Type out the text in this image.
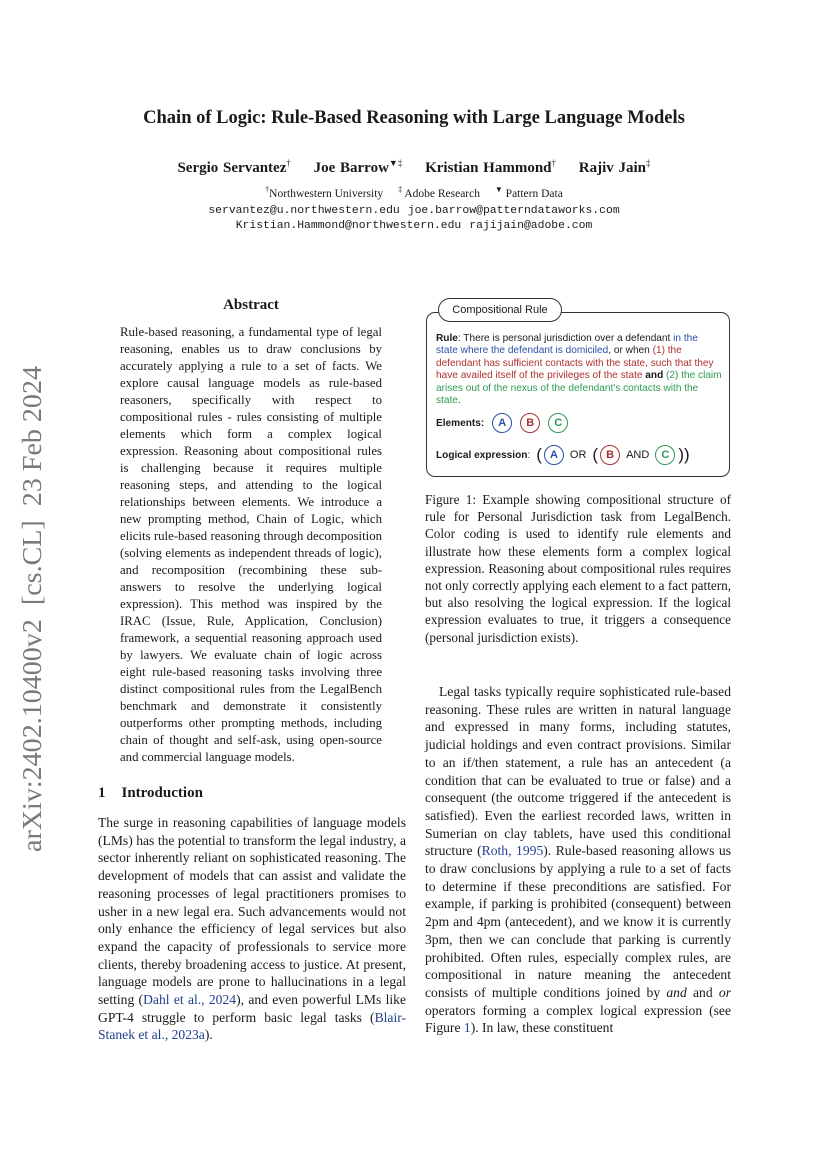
Chain of Logic: Rule-Based Reasoning with Large Language Models
Sergio Servantez† Joe Barrow▼‡ Kristian Hammond† Rajiv Jain‡
†Northwestern University ‡ Adobe Research ▼ Pattern Data
servantez@u.northwestern.edu joe.barrow@patterndataworks.com
Kristian.Hammond@northwestern.edu rajijain@adobe.com
arXiv:2402.10400v2  [cs.CL]  23 Feb 2024
Abstract
Rule-based reasoning, a fundamental type of legal reasoning, enables us to draw conclusions by accurately applying a rule to a set of facts. We explore causal language models as rule-based reasoners, specifically with respect to compositional rules - rules consisting of multiple elements which form a complex logical expression. Reasoning about compositional rules is challenging because it requires multiple reasoning steps, and attending to the logical relationships between elements. We introduce a new prompting method, Chain of Logic, which elicits rule-based reasoning through decomposition (solving elements as independent threads of logic), and recomposition (recombining these sub-answers to resolve the underlying logical expression). This method was inspired by the IRAC (Issue, Rule, Application, Conclusion) framework, a sequential reasoning approach used by lawyers. We evaluate chain of logic across eight rule-based reasoning tasks involving three distinct compositional rules from the LegalBench benchmark and demonstrate it consistently outperforms other prompting methods, including chain of thought and self-ask, using open-source and commercial language models.
1 Introduction

The surge in reasoning capabilities of language models (LMs) has the potential to transform the legal industry, a sector inherently reliant on sophisticated reasoning. The development of models that can assist and validate the reasoning processes of legal practitioners promises to usher in a new legal era. Such advancements would not only enhance the efficiency of legal services but also expand the capacity of professionals to service more clients, thereby broadening access to justice. At present, language models are prone to hallucinations in a legal setting (Dahl et al., 2024), and even powerful LMs like GPT-4 struggle to perform basic legal tasks (Blair-Stanek et al., 2023a).

Compositional Rule
Rule: There is personal jurisdiction over a defendant in the state where the defendant is domiciled, or when (1) the defendant has sufficient contacts with the state, such that they have availed itself of the privileges of the state and (2) the claim arises out of the nexus of the defendant's contacts with the state.
Elements:	A	B	C
Logical expression : ( A	OR ( B	AND	C ))
Figure 1: Example showing compositional structure of rule for Personal Jurisdiction task from LegalBench. Color coding is used to identify rule elements and illustrate how these elements form a complex logical expression. Reasoning about compositional rules requires not only correctly applying each element to a fact pattern, but also resolving the logical expression. If the logical expression evaluates to true, it triggers a consequence (personal jurisdiction exists).

Legal tasks typically require sophisticated rule-based reasoning. These rules are written in natural language and expressed in many forms, including statutes, judicial holdings and even contract provisions. Similar to an if/then statement, a rule has an antecedent (a condition that can be evaluated to true or false) and a consequent (the outcome triggered if the antecedent is satisfied). Even the earliest recorded laws, written in Sumerian on clay tablets, have used this conditional structure (Roth, 1995). Rule-based reasoning allows us to draw conclusions by applying a rule to a set of facts to determine if these preconditions are satisfied. For example, if parking is prohibited (consequent) between 2pm and 4pm (antecedent), and we know it is currently 3pm, then we can conclude that parking is currently prohibited. Often rules, especially complex rules, are compositional in nature meaning the antecedent consists of multiple conditions joined by and and or operators forming a complex logical expression (see Figure 1). In law, these constituent
